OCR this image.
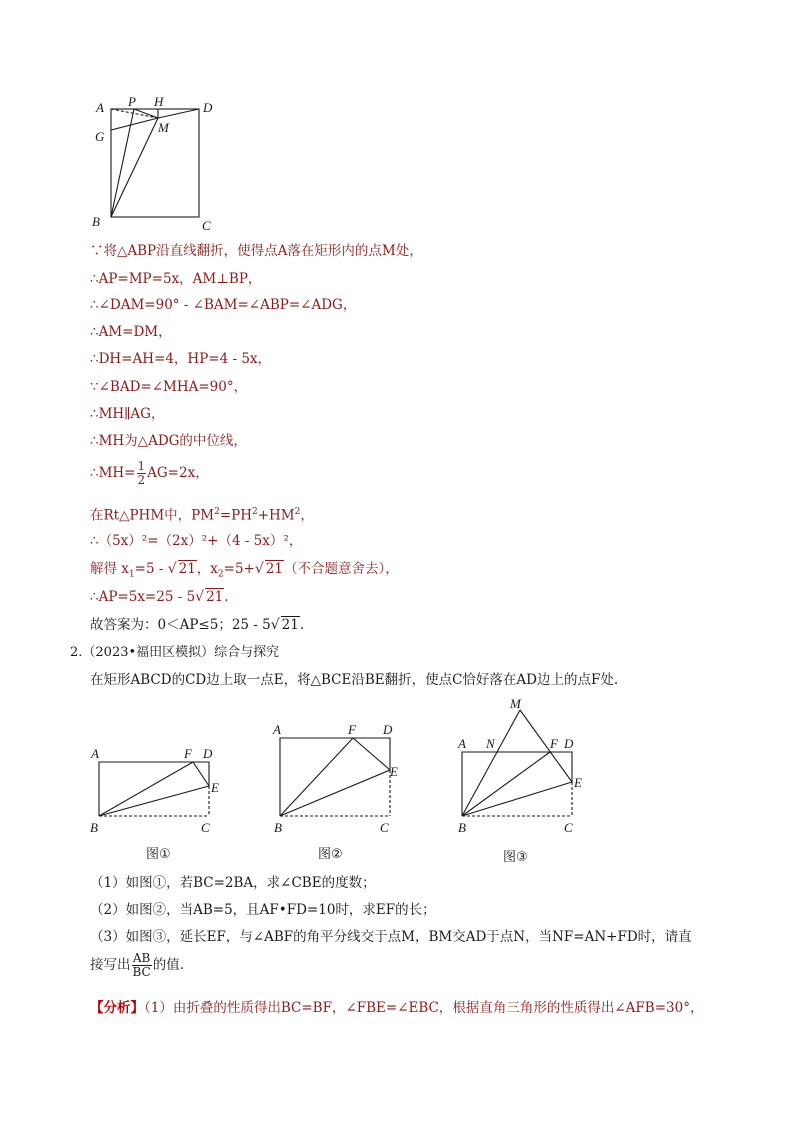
A P H	D
G
M
B	C
∵将△ABP沿直线翻折，使得点A落在矩形内的点M处，
∴AP=MP=5x，AM⊥BP，
∴∠DAM=90° - ∠BAM=∠ABP=∠ADG，
∴AM=DM，
∴DH=AH=4，HP=4 - 5x，
∵∠BAD=∠MHA=90°，
∴MH∥AG，
∴MH为△ADG的中位线，
∴MH= $\frac{1}{2} AG=2x$，
在Rt△PHM中，$PM^2=PH^2+HM^2$，
∴（5x）²=（2x）²+（4 - 5x）²，
解得 $x_1=5$ - √ 21，$x_2=5+√$ 21（不合题意舍去），
∴AP=5x=25 - 5√ 21.
故答案为：0＜AP≤5；25 - 5√ 21.
2.（2023•福田区模拟）综合与探究
在矩形ABCD的CD边上取一点E，将△BCE沿BE翻折，使点C恰好落在AD边上的点F处.
A	F D
E
B	C
图①
A	F D
E
B	C
图②
M
A N	F D
E
B	C
图③
（1）如图①，若BC=2BA，求∠CBE的度数；
（2）如图②，当AB=5，且AF•FD=10时，求EF的长；
（3）如图③，延长EF，与∠ABF的角平分线交于点M，BM交AD于点N，当NF=AN+FD时，请直
接写出 $\frac{AB}{BC}$ 的值.
【分析】（1）由折叠的性质得出BC=BF，∠FBE=∠EBC，根据直角三角形的性质得出∠AFB=30°，
